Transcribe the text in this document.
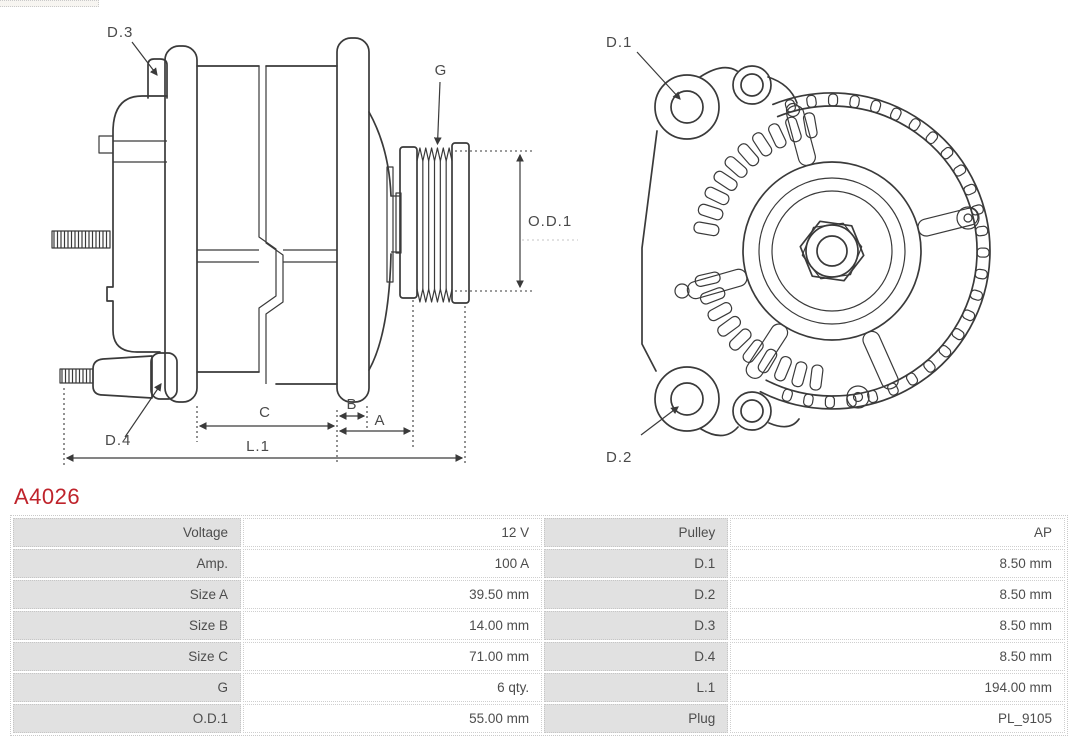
G
O.D.1
C	B
A
L.1
D.3
D.4
D.1
D.2
A4026
Voltage	12 V	Pulley	AP
Amp.	100 A	D.1	8.50 mm
Size A	39.50 mm	D.2	8.50 mm
Size B	14.00 mm	D.3	8.50 mm
Size C	71.00 mm	D.4	8.50 mm
G	6 qty.	L.1	194.00 mm
O.D.1	55.00 mm	Plug	PL_9105
